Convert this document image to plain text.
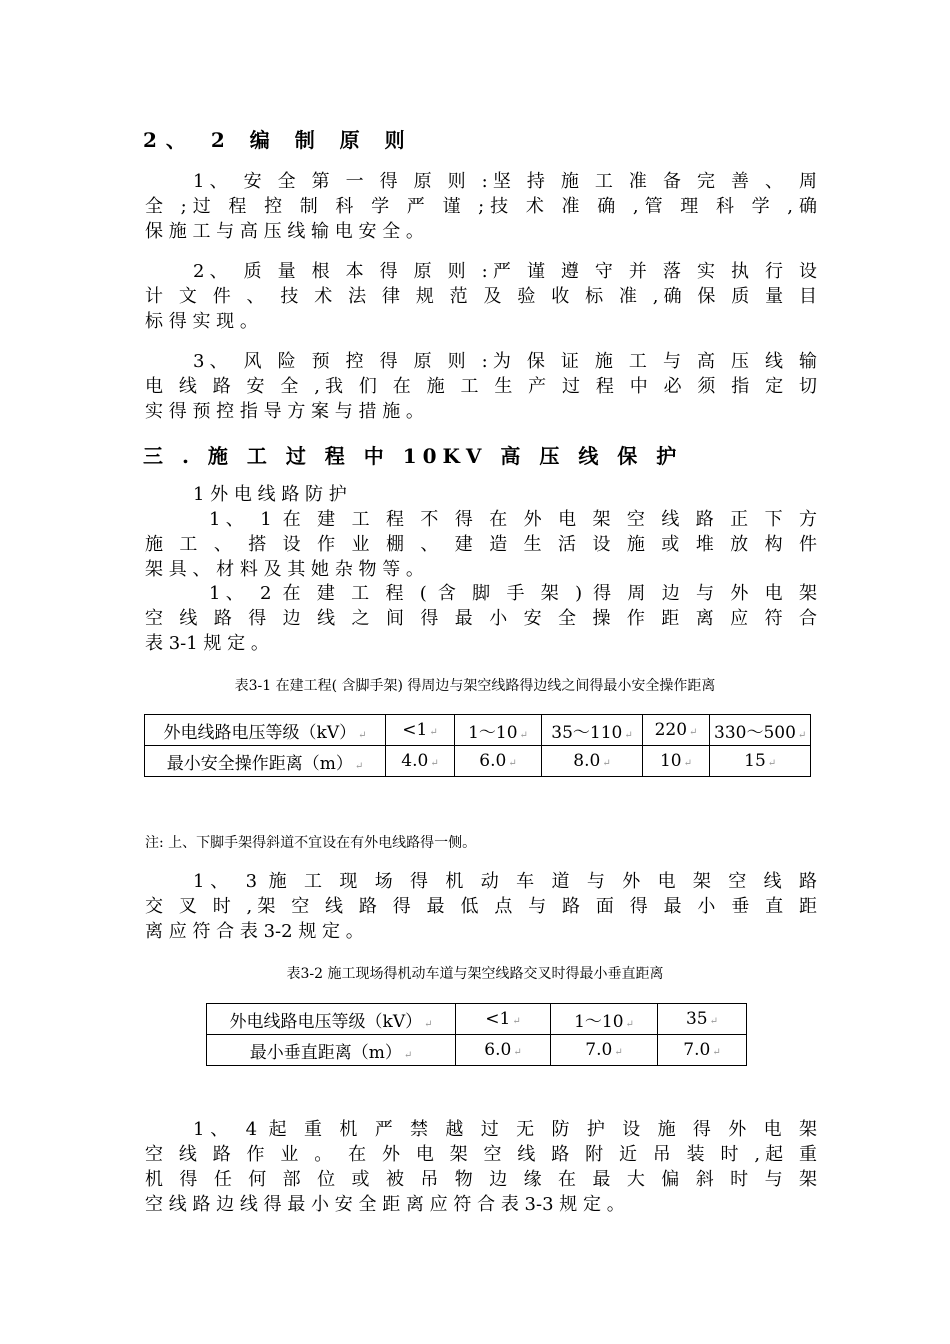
2、 2 编 制 原 则
1、 安 全 第 一 得 原 则 :坚 持 施 工 准 备 完 善 、 周
全 ;过 程 控 制 科 学 严 谨 ;技 术 准 确 ,管 理 科 学 ,确
保 施 工 与 高 压 线 输 电 安 全 。
2、 质 量 根 本 得 原 则 :严 谨 遵 守 并 落 实 执 行 设
计 文 件 、 技 术 法 律 规 范 及 验 收 标 准 ,确 保 质 量 目
标 得 实 现 。
3、 风 险 预 控 得 原 则 :为 保 证 施 工 与 高 压 线 输
电 线 路 安 全 ,我 们 在 施 工 生 产 过 程 中 必 须 指 定 切
实 得 预 控 指 导 方 案 与 措 施 。
三 . 施 工 过 程 中 10KV 高 压 线 保 护
1 外 电 线 路 防 护
1、 1 在 建 工 程 不 得 在 外 电 架 空 线 路 正 下 方
施 工 、 搭 设 作 业 棚 、 建 造 生 活 设 施 或 堆 放 构 件
架 具 、 材 料 及 其 她 杂 物 等 。
1、 2 在 建 工 程 ( 含 脚 手 架 ) 得 周 边 与 外 电 架
空 线 路 得 边 线 之 间 得 最 小 安 全 操 作 距 离 应 符 合
表 3-1 规 定 。
表3-1 在建工程( 含脚手架) 得周边与架空线路得边线之间得最小安全操作距离
外电线路电压等级（kV） ↵	<1 ↵	1～10 ↵	35～110 ↵	220 ↵	330～500 ↵
最小安全操作距离（m） ↵	4.0 ↵	6.0 ↵	8.0 ↵	10 ↵	15 ↵
注: 上、下脚手架得斜道不宜设在有外电线路得一侧。
1、 3 施 工 现 场 得 机 动 车 道 与 外 电 架 空 线 路
交 叉 时 ,架 空 线 路 得 最 低 点 与 路 面 得 最 小 垂 直 距
离 应 符 合 表 3-2 规 定 。
表3-2 施工现场得机动车道与架空线路交叉时得最小垂直距离
外电线路电压等级（kV） ↵	<1 ↵	1～10 ↵	35 ↵
最小垂直距离（m） ↵	6.0 ↵	7.0 ↵	7.0 ↵
1、 4 起 重 机 严 禁 越 过 无 防 护 设 施 得 外 电 架
空 线 路 作 业 。 在 外 电 架 空 线 路 附 近 吊 装 时 ,起 重
机 得 任 何 部 位 或 被 吊 物 边 缘 在 最 大 偏 斜 时 与 架
空 线 路 边 线 得 最 小 安 全 距 离 应 符 合 表 3-3 规 定 。
